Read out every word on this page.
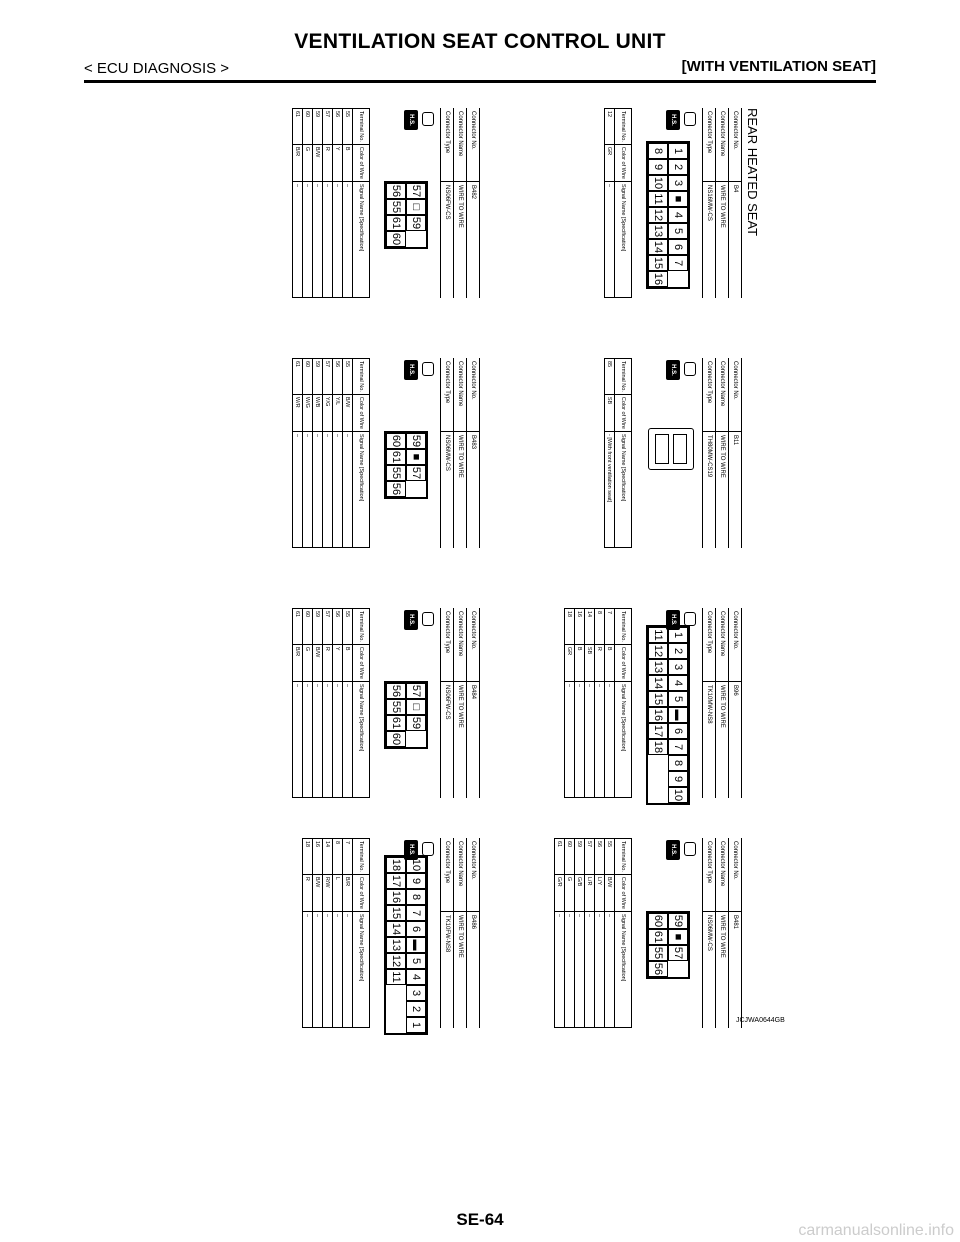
VENTILATION SEAT CONTROL UNIT
< ECU DIAGNOSIS >	[WITH VENTILATION SEAT]
REAR HEATED SEAT
Connector No.
B4
Connector Name
WIRE TO WIRE
Connector Type
NS16MW-CS
H.S.
1
2
3
■
4
5
6
7
8
9
10
11
12
13
14
15
16
Terminal No.	Color of Wire	Signal Name [Specification]
12	GR	–
Connector No.
B11
Connector Name
WIRE TO WIRE
Connector Type
TH80MW-CS19
H.S.
Terminal No.	Color of Wire	Signal Name [Specification]
85	SB	- [With front ventilation seat]
Connector No.
B96
Connector Name
WIRE TO WIRE
Connector Type
TK10MW-NS8
H.S.
1
2
3
4
5
▬
6
7
8
9
10
11
12
13
14
15
16
17
18
Terminal No.	Color of Wire	Signal Name [Specification]
7	B	–
8	R	–
14	SB	–
16	B	–
18	GR	–
Connector No.
B481
Connector Name
WIRE TO WIRE
Connector Type
NS06MW-CS
H.S.
59
■
57
60
61
55
56
Terminal No.	Color of Wire	Signal Name [Specification]
55	B/W	–
56	L/Y	–
57	L/R	–
59	G/B	–
60	G	–
61	G/R	–
Connector No.
B482
Connector Name
WIRE TO WIRE
Connector Type
NS06FW-CS
H.S.
57
□
59
56
55
61
60
Terminal No.	Color of Wire	Signal Name [Specification]
55	B	–
56	Y	–
57	R	–
59	B/W	–
60	G	–
61	B/R	–
Connector No.
B483
Connector Name
WIRE TO WIRE
Connector Type
NS06MW-CS
H.S.
59
■
57
60
61
55
56
Terminal No.	Color of Wire	Signal Name [Specification]
55	B/W	–
56	Y/L	–
57	Y/G	–
59	W/B	–
60	W/G	–
61	W/R	–
Connector No.
B484
Connector Name
WIRE TO WIRE
Connector Type
NS06FW-CS
H.S.
57
□
59
56
55
61
60
Terminal No.	Color of Wire	Signal Name [Specification]
55	B	–
56	Y	–
57	R	–
59	B/W	–
60	G	–
61	B/R	–
Connector No.
B486
Connector Name
WIRE TO WIRE
Connector Type
TK10FW-NS8
H.S.
10
9
8
7
6
▬
5
4
3
2
1
18
17
16
15
14
13
12
11
Terminal No.	Color of Wire	Signal Name [Specification]
7	B/R	–
8	L	–
14	R/W	–
16	B/W	–
18	R	–
JCJWA0644GB
SE-64
carmanualsonline.info
